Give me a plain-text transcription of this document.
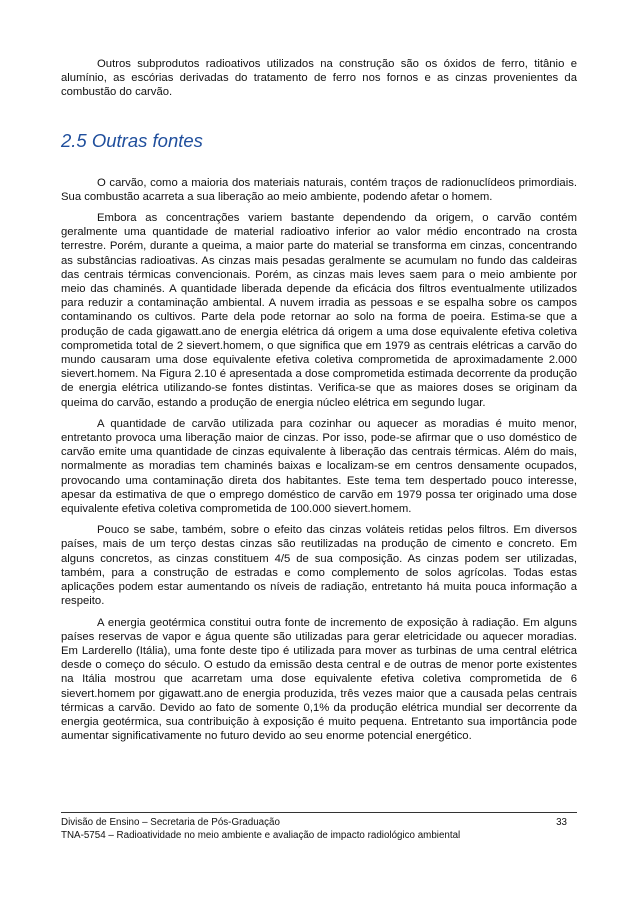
Outros subprodutos radioativos utilizados na construção são os óxidos de ferro, titânio e alumínio, as escórias derivadas do tratamento de ferro nos fornos e as cinzas provenientes da combustão do carvão.

2.5 Outras fontes

O carvão, como a maioria dos materiais naturais, contém traços de radionuclídeos primordiais. Sua combustão acarreta a sua liberação ao meio ambiente, podendo afetar o homem.

Embora as concentrações variem bastante dependendo da origem, o carvão contém geralmente uma quantidade de material radioativo inferior ao valor médio encontrado na crosta terrestre. Porém, durante a queima, a maior parte do material se transforma em cinzas, concentrando as substâncias radioativas. As cinzas mais pesadas geralmente se acumulam no fundo das caldeiras das centrais térmicas convencionais. Porém, as cinzas mais leves saem para o meio ambiente por meio das chaminés. A quantidade liberada depende da eficácia dos filtros eventualmente utilizados para reduzir a contaminação ambiental. A nuvem irradia as pessoas e se espalha sobre os campos contaminando os cultivos. Parte dela pode retornar ao solo na forma de poeira. Estima-se que a produção de cada gigawatt.ano de energia elétrica dá origem a uma dose equivalente efetiva coletiva comprometida total de 2 sievert.homem, o que significa que em 1979 as centrais elétricas a carvão do mundo causaram uma dose equivalente efetiva coletiva comprometida de aproximadamente 2.000 sievert.homem. Na Figura 2.10 é apresentada a dose comprometida estimada decorrente da produção de energia elétrica utilizando-se fontes distintas. Verifica-se que as maiores doses se originam da queima do carvão, estando a produção de energia núcleo elétrica em segundo lugar.

A quantidade de carvão utilizada para cozinhar ou aquecer as moradias é muito menor, entretanto provoca uma liberação maior de cinzas. Por isso, pode-se afirmar que o uso doméstico de carvão emite uma quantidade de cinzas equivalente à liberação das centrais térmicas. Além do mais, normalmente as moradias tem chaminés baixas e localizam-se em centros densamente ocupados, provocando uma contaminação direta dos habitantes. Este tema tem despertado pouco interesse, apesar da estimativa de que o emprego doméstico de carvão em 1979 possa ter originado uma dose equivalente efetiva coletiva comprometida de 100.000 sievert.homem.

Pouco se sabe, também, sobre o efeito das cinzas voláteis retidas pelos filtros. Em diversos países, mais de um terço destas cinzas são reutilizadas na produção de cimento e concreto. Em alguns concretos, as cinzas constituem 4/5 de sua composição. As cinzas podem ser utilizadas, também, para a construção de estradas e como complemento de solos agrícolas. Todas estas aplicações podem estar aumentando os níveis de radiação, entretanto há muita pouca informação a respeito.

A energia geotérmica constitui outra fonte de incremento de exposição à radiação. Em alguns países reservas de vapor e água quente são utilizadas para gerar eletricidade ou aquecer moradias. Em Larderello (Itália), uma fonte deste tipo é utilizada para mover as turbinas de uma central elétrica desde o começo do século. O estudo da emissão desta central e de outras de menor porte existentes na Itália mostrou que acarretam uma dose equivalente efetiva coletiva comprometida de 6 sievert.homem por gigawatt.ano de energia produzida, três vezes maior que a causada pelas centrais térmicas a carvão. Devido ao fato de somente 0,1% da produção elétrica mundial ser decorrente da energia geotérmica, sua contribuição à exposição é muito pequena. Entretanto sua importância pode aumentar significativamente no futuro devido ao seu enorme potencial energético.

Divisão de Ensino – Secretaria de Pós-Graduação	33
TNA-5754 – Radioatividade no meio ambiente e avaliação de impacto radiológico ambiental
